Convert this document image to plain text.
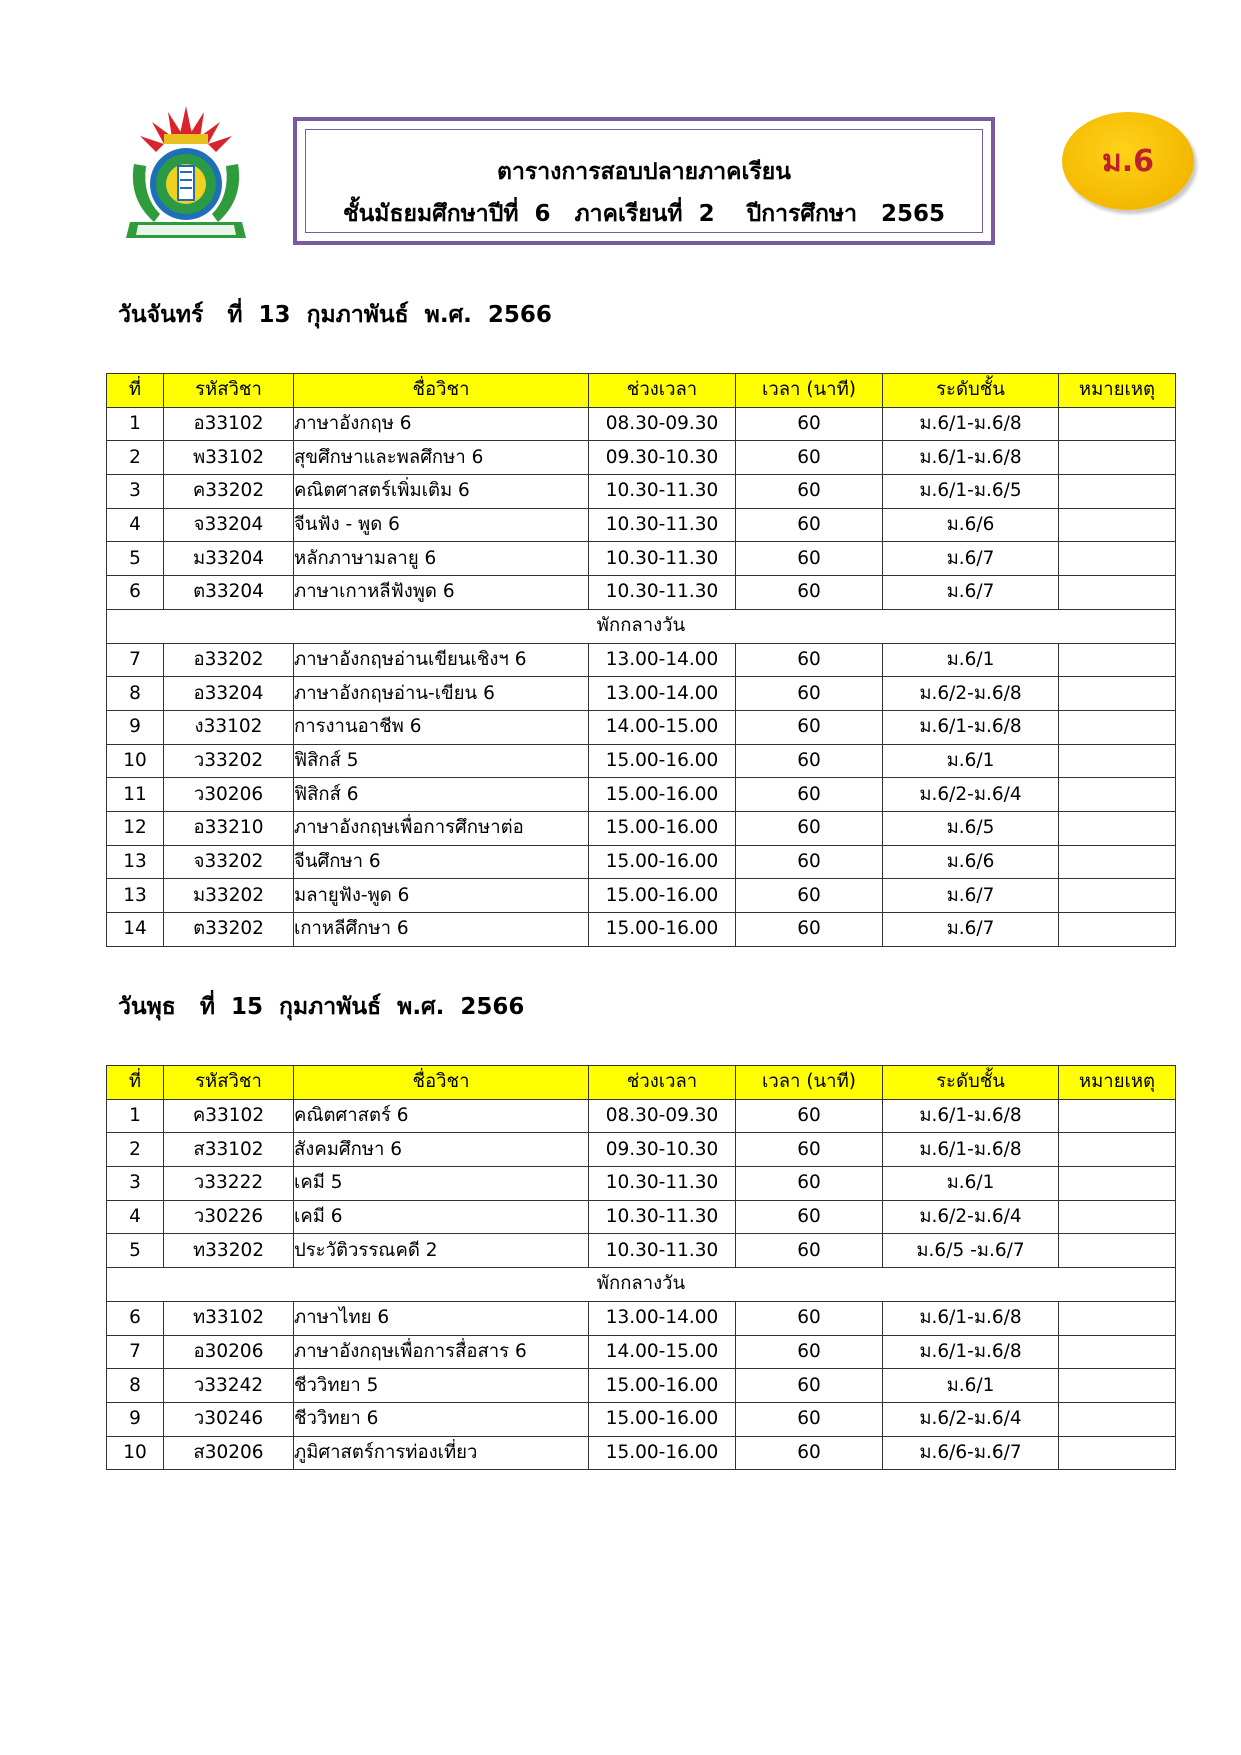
ตารางการสอบปลายภาคเรียน
ชั้นมัธยมศึกษาปีที่  6   ภาคเรียนที่  2    ปีการศึกษา   2565
ม.6
วันจันทร์   ที่  13  กุมภาพันธ์  พ.ศ.  2566
ที่	รหัสวิชา	ชื่อวิชา	ช่วงเวลา	เวลา (นาที)	ระดับชั้น	หมายเหตุ
1	อ33102	ภาษาอังกฤษ 6	08.30-09.30	60	ม.6/1-ม.6/8	
2	พ33102	สุขศึกษาและพลศึกษา 6	09.30-10.30	60	ม.6/1-ม.6/8	
3	ค33202	คณิตศาสตร์เพิ่มเติม 6	10.30-11.30	60	ม.6/1-ม.6/5	
4	จ33204	จีนฟัง - พูด 6	10.30-11.30	60	ม.6/6	
5	ม33204	หลักภาษามลายู 6	10.30-11.30	60	ม.6/7	
6	ต33204	ภาษาเกาหลีฟังพูด 6	10.30-11.30	60	ม.6/7	
พักกลางวัน						
7	อ33202	ภาษาอังกฤษอ่านเขียนเชิงฯ 6	13.00-14.00	60	ม.6/1	
8	อ33204	ภาษาอังกฤษอ่าน-เขียน 6	13.00-14.00	60	ม.6/2-ม.6/8	
9	ง33102	การงานอาชีพ 6	14.00-15.00	60	ม.6/1-ม.6/8	
10	ว33202	ฟิสิกส์ 5	15.00-16.00	60	ม.6/1	
11	ว30206	ฟิสิกส์ 6	15.00-16.00	60	ม.6/2-ม.6/4	
12	อ33210	ภาษาอังกฤษเพื่อการศึกษาต่อ	15.00-16.00	60	ม.6/5	
13	จ33202	จีนศึกษา 6	15.00-16.00	60	ม.6/6	
13	ม33202	มลายูฟัง-พูด 6	15.00-16.00	60	ม.6/7	
14	ต33202	เกาหลีศึกษา 6	15.00-16.00	60	ม.6/7	
วันพุธ   ที่  15  กุมภาพันธ์  พ.ศ.  2566
ที่	รหัสวิชา	ชื่อวิชา	ช่วงเวลา	เวลา (นาที)	ระดับชั้น	หมายเหตุ
1	ค33102	คณิตศาสตร์ 6	08.30-09.30	60	ม.6/1-ม.6/8	
2	ส33102	สังคมศึกษา 6	09.30-10.30	60	ม.6/1-ม.6/8	
3	ว33222	เคมี 5	10.30-11.30	60	ม.6/1	
4	ว30226	เคมี 6	10.30-11.30	60	ม.6/2-ม.6/4	
5	ท33202	ประวัติวรรณคดี 2	10.30-11.30	60	ม.6/5 -ม.6/7	
พักกลางวัน						
6	ท33102	ภาษาไทย 6	13.00-14.00	60	ม.6/1-ม.6/8	
7	อ30206	ภาษาอังกฤษเพื่อการสื่อสาร 6	14.00-15.00	60	ม.6/1-ม.6/8	
8	ว33242	ชีววิทยา 5	15.00-16.00	60	ม.6/1	
9	ว30246	ชีววิทยา 6	15.00-16.00	60	ม.6/2-ม.6/4	
10	ส30206	ภูมิศาสตร์การท่องเที่ยว	15.00-16.00	60	ม.6/6-ม.6/7	
